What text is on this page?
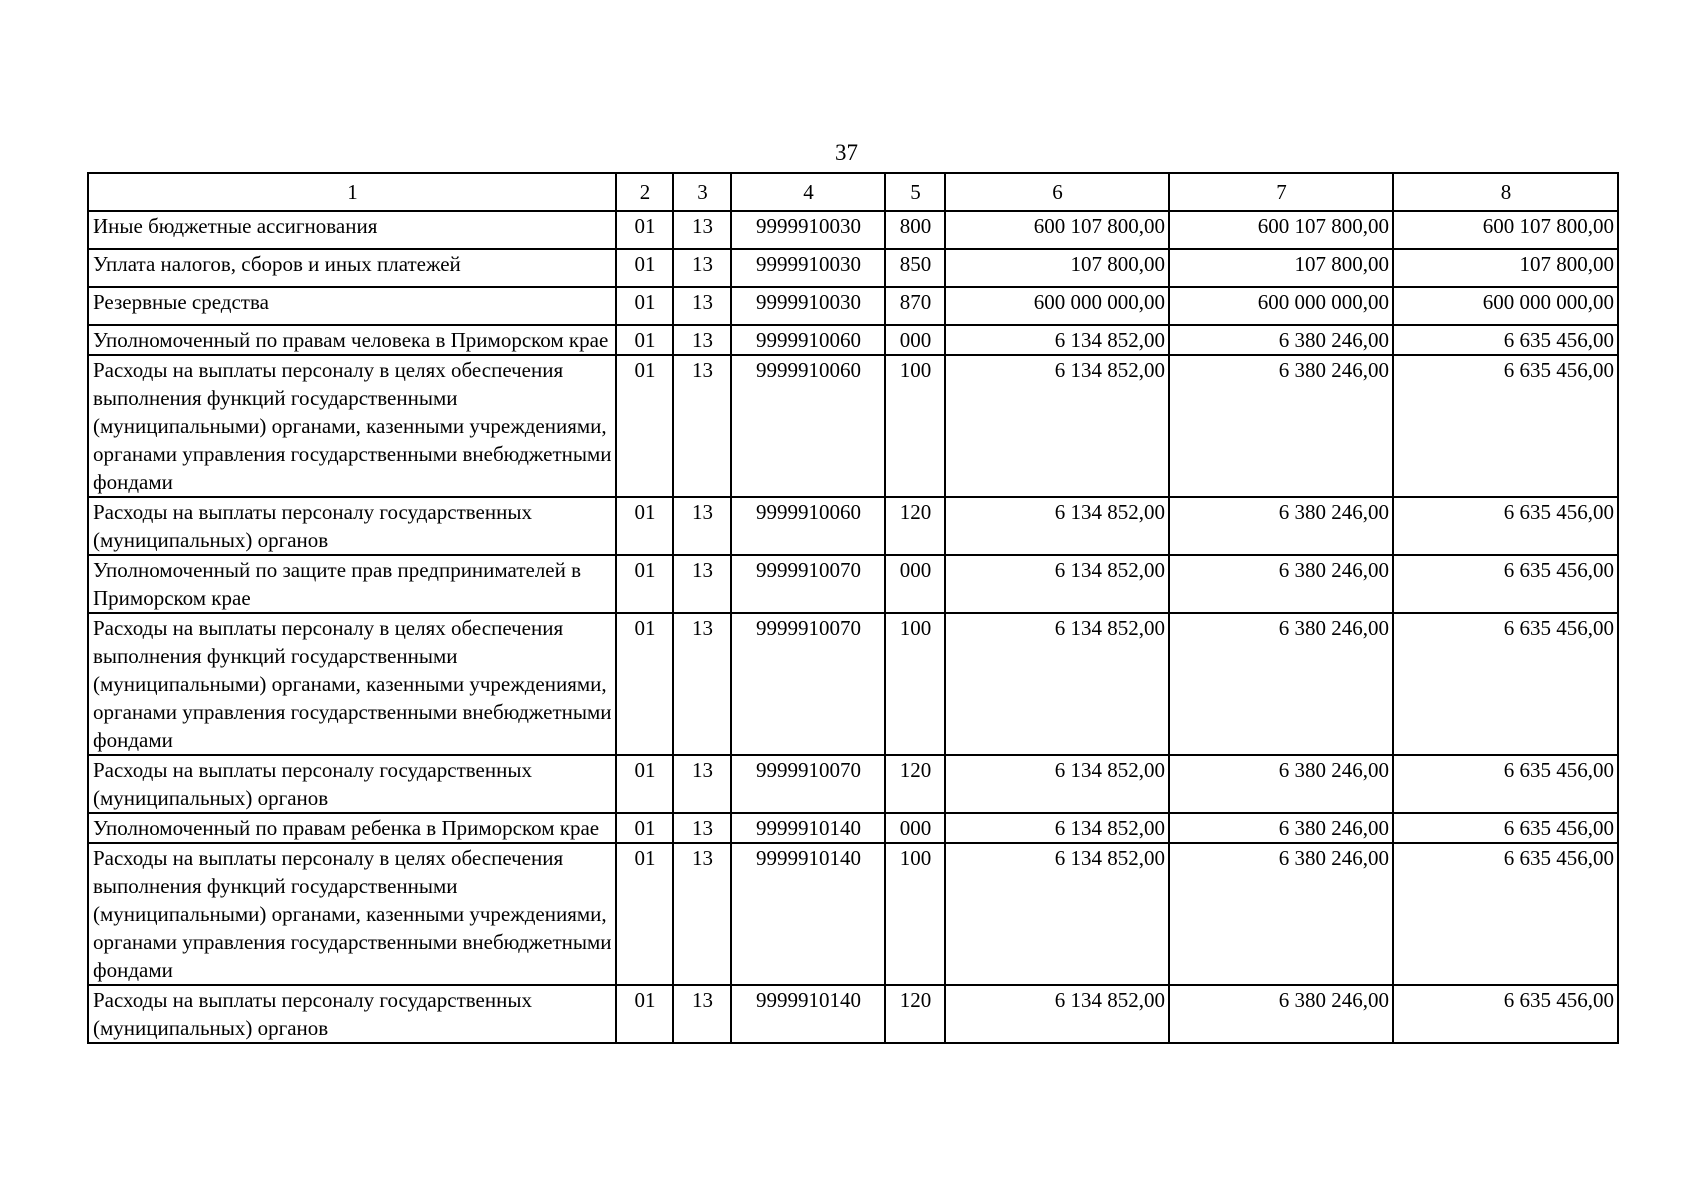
37
1	2	3	4	5	6	7	8
Иные бюджетные ассигнования	01	13	9999910030	800	600 107 800,00	600 107 800,00	600 107 800,00
Уплата налогов, сборов и иных платежей	01	13	9999910030	850	107 800,00	107 800,00	107 800,00
Резервные средства	01	13	9999910030	870	600 000 000,00	600 000 000,00	600 000 000,00
Уполномоченный по правам человека в Приморском крае	01	13	9999910060	000	6 134 852,00	6 380 246,00	6 635 456,00
Расходы на выплаты персоналу в целях обеспечения выполнения функций государственными (муниципальными) органами, казенными учреждениями, органами управления государственными внебюджетными фондами	01	13	9999910060	100	6 134 852,00	6 380 246,00	6 635 456,00
Расходы на выплаты персоналу государственных (муниципальных) органов	01	13	9999910060	120	6 134 852,00	6 380 246,00	6 635 456,00
Уполномоченный по защите прав предпринимателей в Приморском крае	01	13	9999910070	000	6 134 852,00	6 380 246,00	6 635 456,00
Расходы на выплаты персоналу в целях обеспечения выполнения функций государственными (муниципальными) органами, казенными учреждениями, органами управления государственными внебюджетными фондами	01	13	9999910070	100	6 134 852,00	6 380 246,00	6 635 456,00
Расходы на выплаты персоналу государственных (муниципальных) органов	01	13	9999910070	120	6 134 852,00	6 380 246,00	6 635 456,00
Уполномоченный по правам ребенка в Приморском крае	01	13	9999910140	000	6 134 852,00	6 380 246,00	6 635 456,00
Расходы на выплаты персоналу в целях обеспечения выполнения функций государственными (муниципальными) органами, казенными учреждениями, органами управления государственными внебюджетными фондами	01	13	9999910140	100	6 134 852,00	6 380 246,00	6 635 456,00
Расходы на выплаты персоналу государственных (муниципальных) органов	01	13	9999910140	120	6 134 852,00	6 380 246,00	6 635 456,00
